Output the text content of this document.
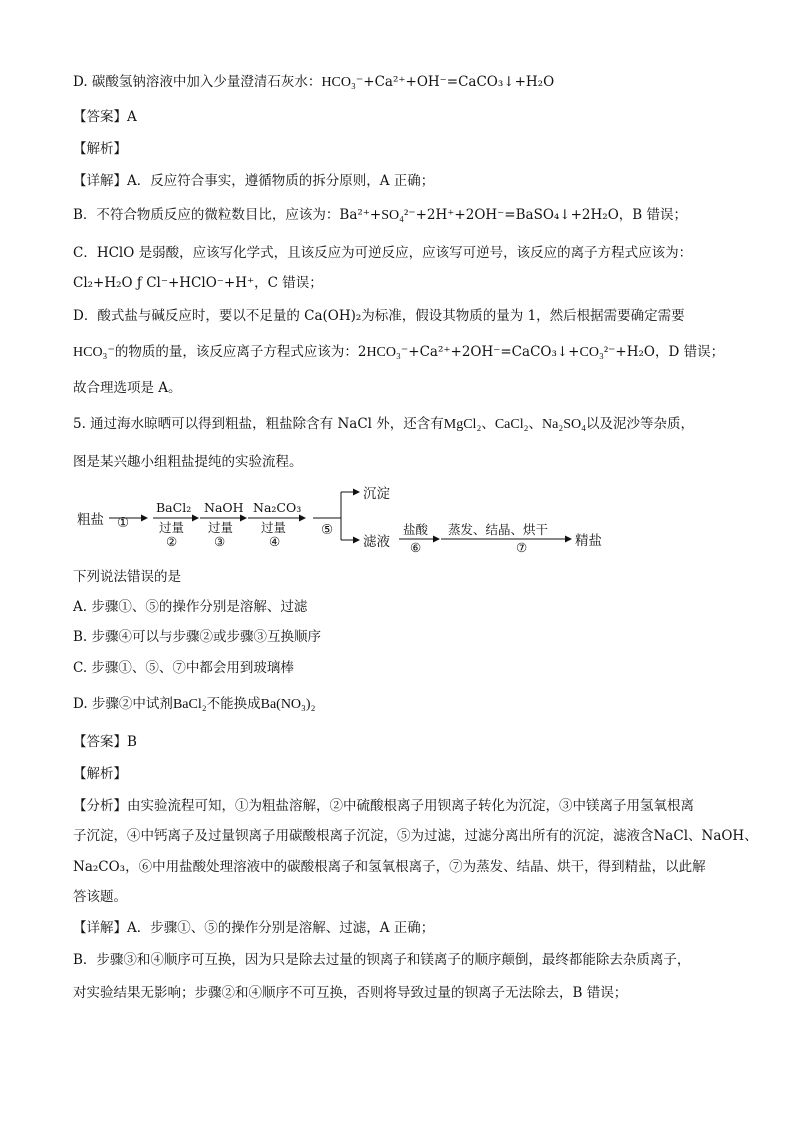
D. 碳酸氢钠溶液中加入少量澄清石灰水：HCO₃⁻+Ca²⁺+OH⁻=CaCO₃↓+H₂O
【答案】A
【解析】
【详解】A．反应符合事实，遵循物质的拆分原则，A 正确；
B．不符合物质反应的微粒数目比，应该为：Ba²⁺+SO₄²⁻+2H⁺+2OH⁻=BaSO₄↓+2H₂O，B 错误；
C．HClO 是弱酸，应该写化学式，且该反应为可逆反应，应该写可逆号，该反应的离子方程式应该为：
Cl₂+H₂O ƒ Cl⁻+HClO⁻+H⁺，C 错误；
D．酸式盐与碱反应时，要以不足量的 Ca(OH)₂为标准，假设其物质的量为 1，然后根据需要确定需要
HCO₃⁻的物质的量，该反应离子方程式应该为：2HCO₃⁻+Ca²⁺+2OH⁻=CaCO₃↓+CO₃²⁻+H₂O，D 错误；
故合理选项是 A。
5. 通过海水晾晒可以得到粗盐，粗盐除含有 NaCl 外，还含有MgCl₂、CaCl₂、Na₂SO₄以及泥沙等杂质，
图是某兴趣小组粗盐提纯的实验流程。
粗盐 ①
BaCl₂
过量
②
NaOH
过量
③
Na₂CO₃
过量
④
⑤
沉淀
滤液
盐酸
⑥
蒸发、结晶、烘干
⑦	精盐
下列说法错误的是
A. 步骤①、⑤的操作分别是溶解、过滤
B. 步骤④可以与步骤②或步骤③互换顺序
C. 步骤①、⑤、⑦中都会用到玻璃棒
D. 步骤②中试剂BaCl₂不能换成Ba(NO₃)₂
【答案】B
【解析】
【分析】由实验流程可知，①为粗盐溶解，②中硫酸根离子用钡离子转化为沉淀，③中镁离子用氢氧根离
子沉淀，④中钙离子及过量钡离子用碳酸根离子沉淀，⑤为过滤，过滤分离出所有的沉淀，滤液含NaCl、NaOH、
Na₂CO₃，⑥中用盐酸处理溶液中的碳酸根离子和氢氧根离子，⑦为蒸发、结晶、烘干，得到精盐，以此解
答该题。
【详解】A．步骤①、⑤的操作分别是溶解、过滤，A 正确；
B．步骤③和④顺序可互换，因为只是除去过量的钡离子和镁离子的顺序颠倒，最终都能除去杂质离子，
对实验结果无影响；步骤②和④顺序不可互换，否则将导致过量的钡离子无法除去，B 错误；
